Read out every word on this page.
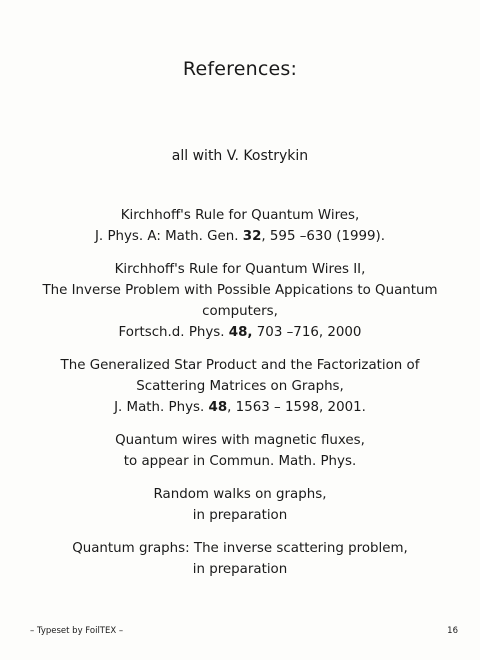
References:
all with V. Kostrykin
Kirchhoff's Rule for Quantum Wires,
J. Phys. A: Math. Gen. 32, 595 –630 (1999).
Kirchhoff's Rule for Quantum Wires II,
The Inverse Problem with Possible Appications to Quantum
computers,
Fortsch.d. Phys. 48, 703 –716, 2000
The Generalized Star Product and the Factorization of
Scattering Matrices on Graphs,
J. Math. Phys. 48, 1563 – 1598, 2001.
Quantum wires with magnetic fluxes,
to appear in Commun. Math. Phys.
Random walks on graphs,
in preparation
Quantum graphs: The inverse scattering problem,
in preparation
– Typeset by FoilTEX –	16
